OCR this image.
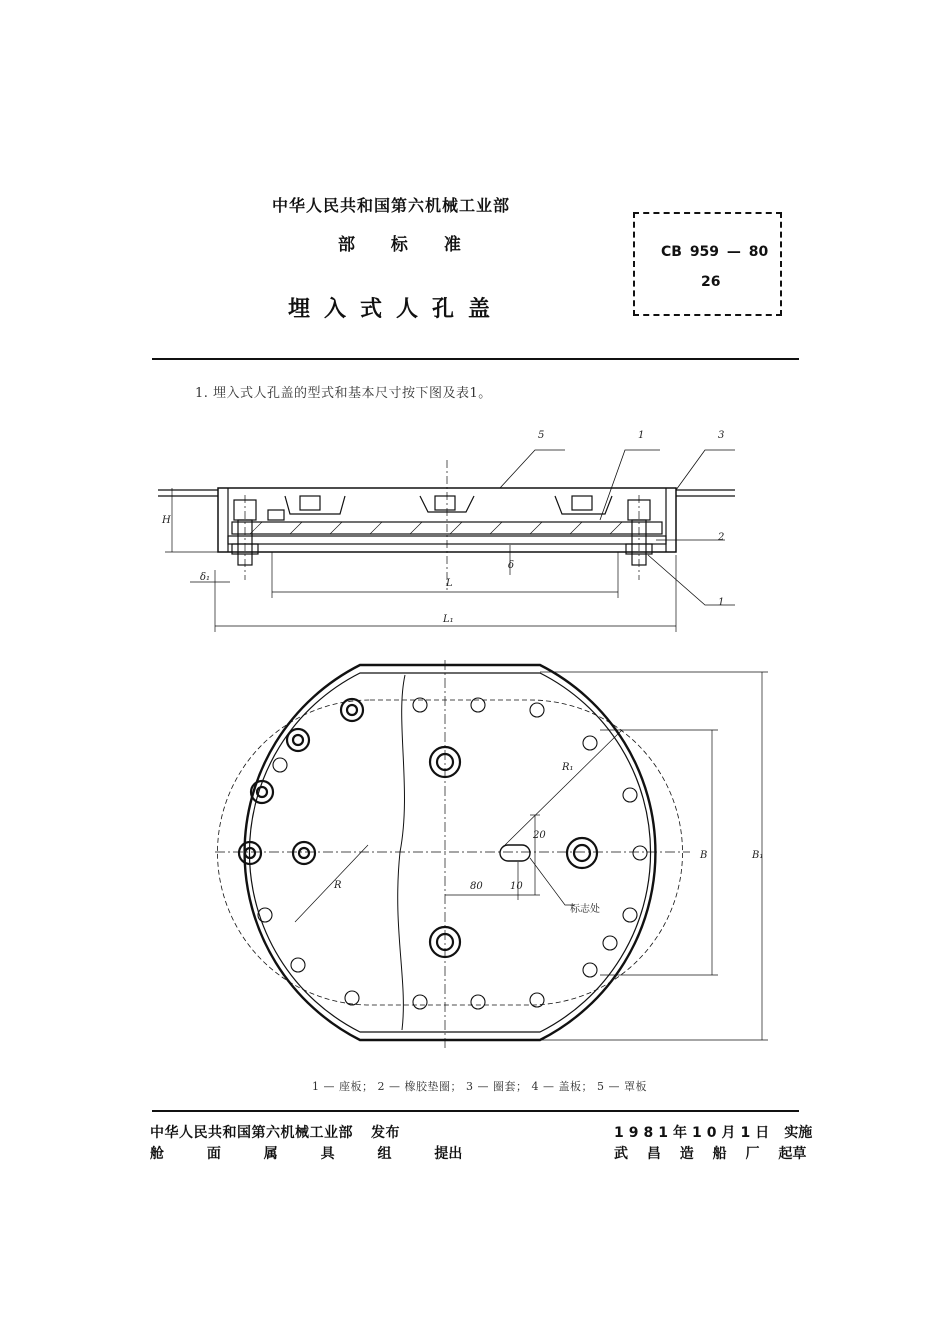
中华人民共和国第六机械工业部
部 标 准
埋入式人孔盖
CB 959 — 80
26
1. 埋入式人孔盖的型式和基本尺寸按下图及表1。
5	1	3
2
1
H
δ₁
δ
L
L₁
R₁
R
B	B₁
20
80	10
标志处
1 — 座板； 2 — 橡胶垫圈； 3 — 圈套； 4 — 盖板； 5 — 罩板
中华人民共和国第六机械工业部 发布
舱 面 属 具 组 提出
1981年10月1日 实施
武 昌 造 船 厂 起草
